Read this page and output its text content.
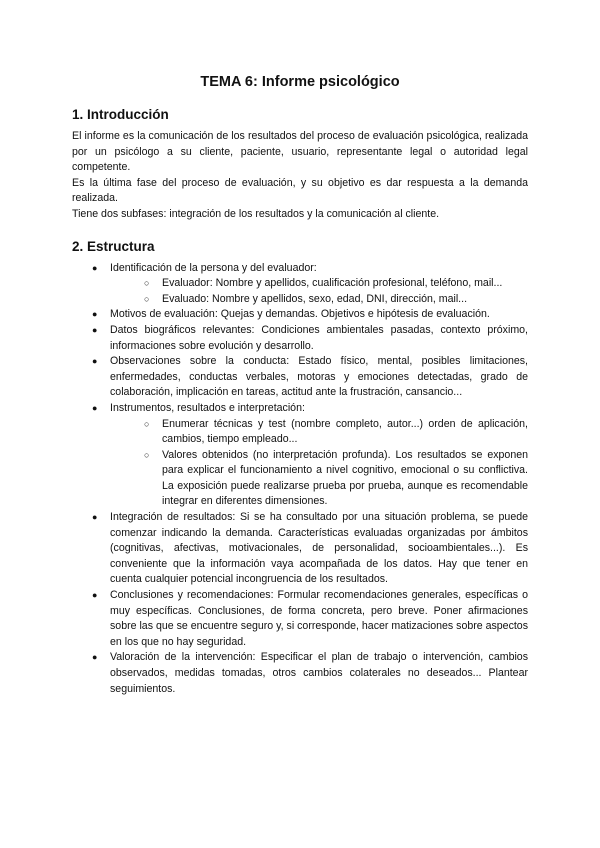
TEMA 6: Informe psicológico
1. Introducción

El informe es la comunicación de los resultados del proceso de evaluación psicológica, realizada por un psicólogo a su cliente, paciente, usuario, representante legal o autoridad legal competente.

Es la última fase del proceso de evaluación, y su objetivo es dar respuesta a la demanda realizada.

Tiene dos subfases: integración de los resultados y la comunicación al cliente.

2. Estructura
● Identificación de la persona y del evaluador:
○ Evaluador: Nombre y apellidos, cualificación profesional, teléfono, mail...
○ Evaluado: Nombre y apellidos, sexo, edad, DNI, dirección, mail...
● Motivos de evaluación: Quejas y demandas. Objetivos e hipótesis de evaluación.
● Datos biográficos relevantes: Condiciones ambientales pasadas, contexto próximo, informaciones sobre evolución y desarrollo.
● Observaciones sobre la conducta: Estado físico, mental, posibles limitaciones, enfermedades, conductas verbales, motoras y emociones detectadas, grado de colaboración, implicación en tareas, actitud ante la frustración, cansancio...
● Instrumentos, resultados e interpretación:
○ Enumerar técnicas y test (nombre completo, autor...) orden de aplicación, cambios, tiempo empleado...
○ Valores obtenidos (no interpretación profunda). Los resultados se exponen para explicar el funcionamiento a nivel cognitivo, emocional o su conflictiva. La exposición puede realizarse prueba por prueba, aunque es recomendable integrar en diferentes dimensiones.
● Integración de resultados: Si se ha consultado por una situación problema, se puede comenzar indicando la demanda. Características evaluadas organizadas por ámbitos (cognitivas, afectivas, motivacionales, de personalidad, socioambientales...). Es conveniente que la información vaya acompañada de los datos. Hay que tener en cuenta cualquier potencial incongruencia de los resultados.
● Conclusiones y recomendaciones: Formular recomendaciones generales, específicas o muy específicas. Conclusiones, de forma concreta, pero breve. Poner afirmaciones sobre las que se encuentre seguro y, si corresponde, hacer matizaciones sobre aspectos en los que no hay seguridad.
● Valoración de la intervención: Especificar el plan de trabajo o intervención, cambios observados, medidas tomadas, otros cambios colaterales no deseados... Plantear seguimientos.
